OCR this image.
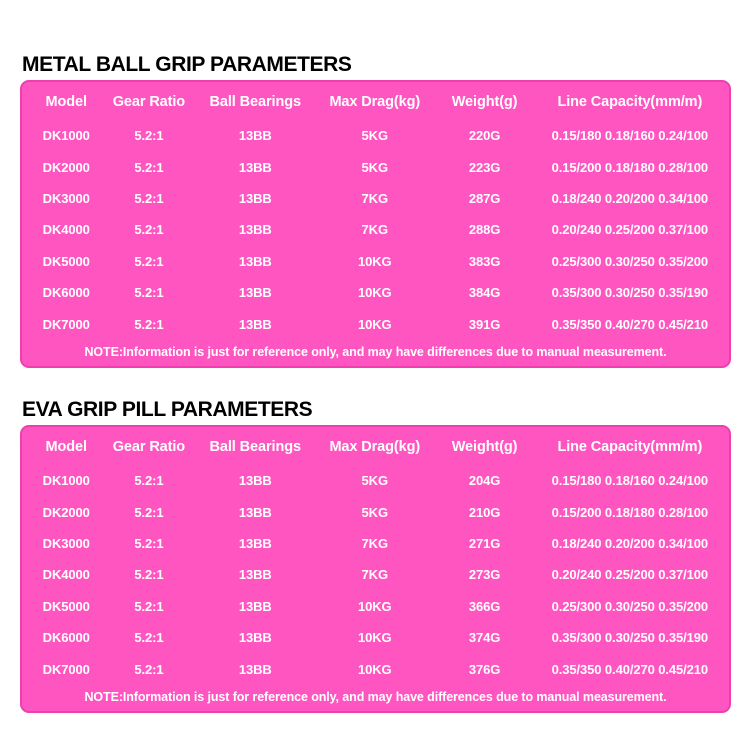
METAL BALL GRIP PARAMETERS
Model	Gear Ratio	Ball Bearings	Max Drag(kg)	Weight(g)	Line Capacity(mm/m)
DK1000	5.2:1	13BB	5KG	220G	0.15/180 0.18/160 0.24/100
DK2000	5.2:1	13BB	5KG	223G	0.15/200 0.18/180 0.28/100
DK3000	5.2:1	13BB	7KG	287G	0.18/240 0.20/200 0.34/100
DK4000	5.2:1	13BB	7KG	288G	0.20/240 0.25/200 0.37/100
DK5000	5.2:1	13BB	10KG	383G	0.25/300 0.30/250 0.35/200
DK6000	5.2:1	13BB	10KG	384G	0.35/300 0.30/250 0.35/190
DK7000	5.2:1	13BB	10KG	391G	0.35/350 0.40/270 0.45/210
NOTE:Information is just for reference only, and may have differences due to manual measurement.
EVA GRIP PILL PARAMETERS
Model	Gear Ratio	Ball Bearings	Max Drag(kg)	Weight(g)	Line Capacity(mm/m)
DK1000	5.2:1	13BB	5KG	204G	0.15/180 0.18/160 0.24/100
DK2000	5.2:1	13BB	5KG	210G	0.15/200 0.18/180 0.28/100
DK3000	5.2:1	13BB	7KG	271G	0.18/240 0.20/200 0.34/100
DK4000	5.2:1	13BB	7KG	273G	0.20/240 0.25/200 0.37/100
DK5000	5.2:1	13BB	10KG	366G	0.25/300 0.30/250 0.35/200
DK6000	5.2:1	13BB	10KG	374G	0.35/300 0.30/250 0.35/190
DK7000	5.2:1	13BB	10KG	376G	0.35/350 0.40/270 0.45/210
NOTE:Information is just for reference only, and may have differences due to manual measurement.
